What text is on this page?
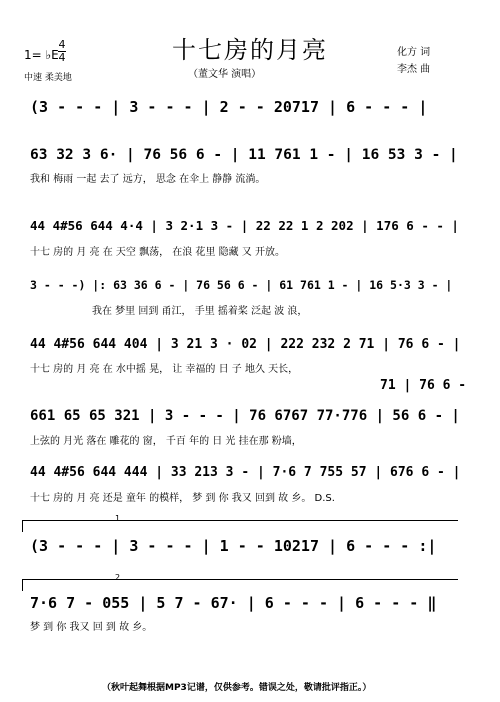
十七房的月亮
（董文华 演唱）
化方 词
李杰 曲
1= ♭E
4
4
中速 柔美地
(3 - - - | 3 - - - | 2 - - 20717 | 6 - - - |
63 32 3 6· | 76 56 6 - | 11 761 1 - | 16 53 3 - |
我和 梅雨 一起 去了 远方， 思念 在伞上 静静 流淌。
44 4#56 644 4·4 | 3 2·1 3 - | 22 22 1 2 202 | 176 6 - - |
十七 房的 月 亮 在 天空 飘荡， 在浪 花里 隐藏 又 开放。
3 - - -) |: 63 36 6 - | 76 56 6 - | 61 761 1 - | 16 5·3 3 - |
我在 梦里 回到 甬江， 手里 摇着桨 泛起 波 浪，
44 4#56 644 404 | 3 21 3 · 02 | 222 232 2 71 | 76 6 - |
十七 房的 月 亮 在 水中摇 晃， 让 幸福的 日 子 地久 天长，
71 | 76 6 -
661 65 65 321 | 3 - - - | 76 6767 77·776 | 56 6 - |
上弦的 月光 落在 雕花的 窗， 千百 年的 日 光 挂在那 粉墙，
44 4#56 644 444 | 33 213 3 - | 7·6 7 755 57 | 676 6 - |
十七 房的 月 亮 还是 童年 的模样， 梦 到 你 我又 回到 故 乡。 D.S.
1
(3 - - - | 3 - - - | 1 - - 10217 | 6 - - - :|
2
7·6 7 - 055 | 5 7 - 67· | 6 - - - | 6 - - - ‖
梦 到 你 我又 回 到 故 乡。
（秋叶起舞根据MP3记谱，仅供参考。错误之处，敬请批评指正。）
